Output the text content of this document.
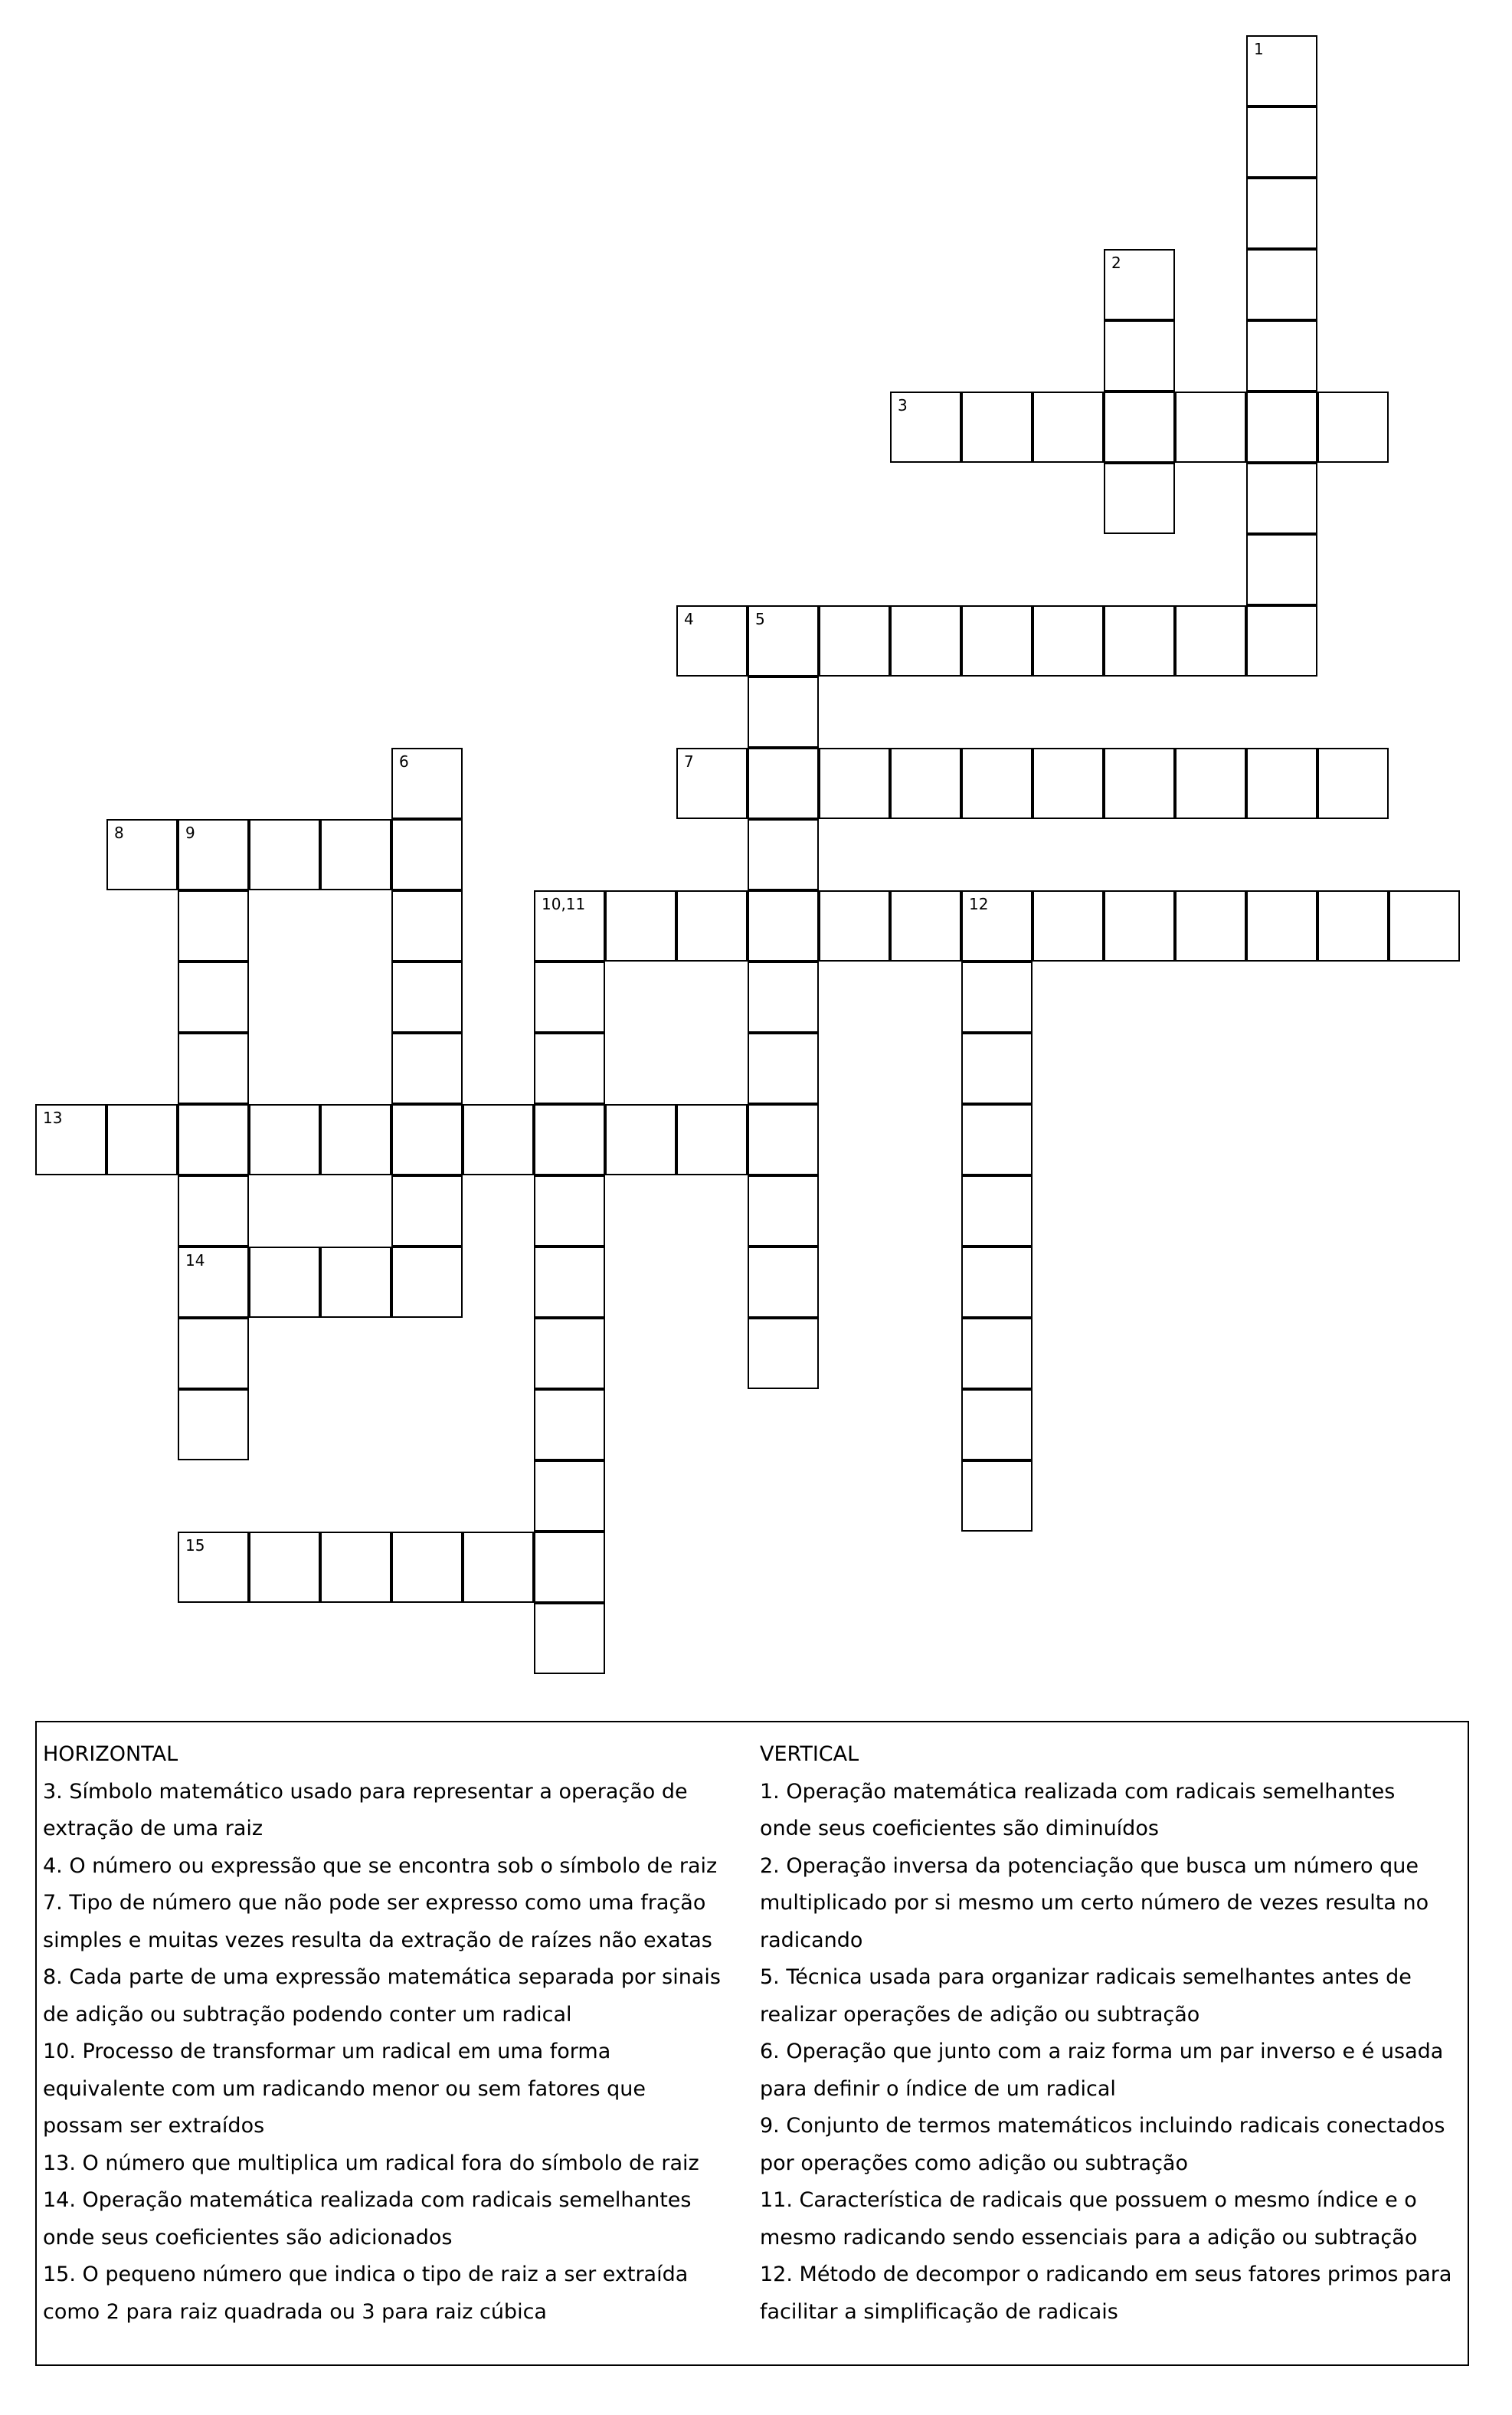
1
2
3
4	5
6	7
8	9
14
10,11	12
13
15
HORIZONTAL
3. Símbolo matemático usado para representar a operação de extração de uma raiz
4. O número ou expressão que se encontra sob o símbolo de raiz
7. Tipo de número que não pode ser expresso como uma fração simples e muitas vezes resulta da extração de raízes não exatas
8. Cada parte de uma expressão matemática separada por sinais de adição ou subtração podendo conter um radical
10. Processo de transformar um radical em uma forma equivalente com um radicando menor ou sem fatores que possam ser extraídos
13. O número que multiplica um radical fora do símbolo de raiz
14. Operação matemática realizada com radicais semelhantes onde seus coeficientes são adicionados
15. O pequeno número que indica o tipo de raiz a ser extraída como 2 para raiz quadrada ou 3 para raiz cúbica
VERTICAL
1. Operação matemática realizada com radicais semelhantes onde seus coeficientes são diminuídos
2. Operação inversa da potenciação que busca um número que multiplicado por si mesmo um certo número de vezes resulta no radicando
5. Técnica usada para organizar radicais semelhantes antes de realizar operações de adição ou subtração
6. Operação que junto com a raiz forma um par inverso e é usada para definir o índice de um radical
9. Conjunto de termos matemáticos incluindo radicais conectados por operações como adição ou subtração
11. Característica de radicais que possuem o mesmo índice e o mesmo radicando sendo essenciais para a adição ou subtração
12. Método de decompor o radicando em seus fatores primos para facilitar a simplificação de radicais
